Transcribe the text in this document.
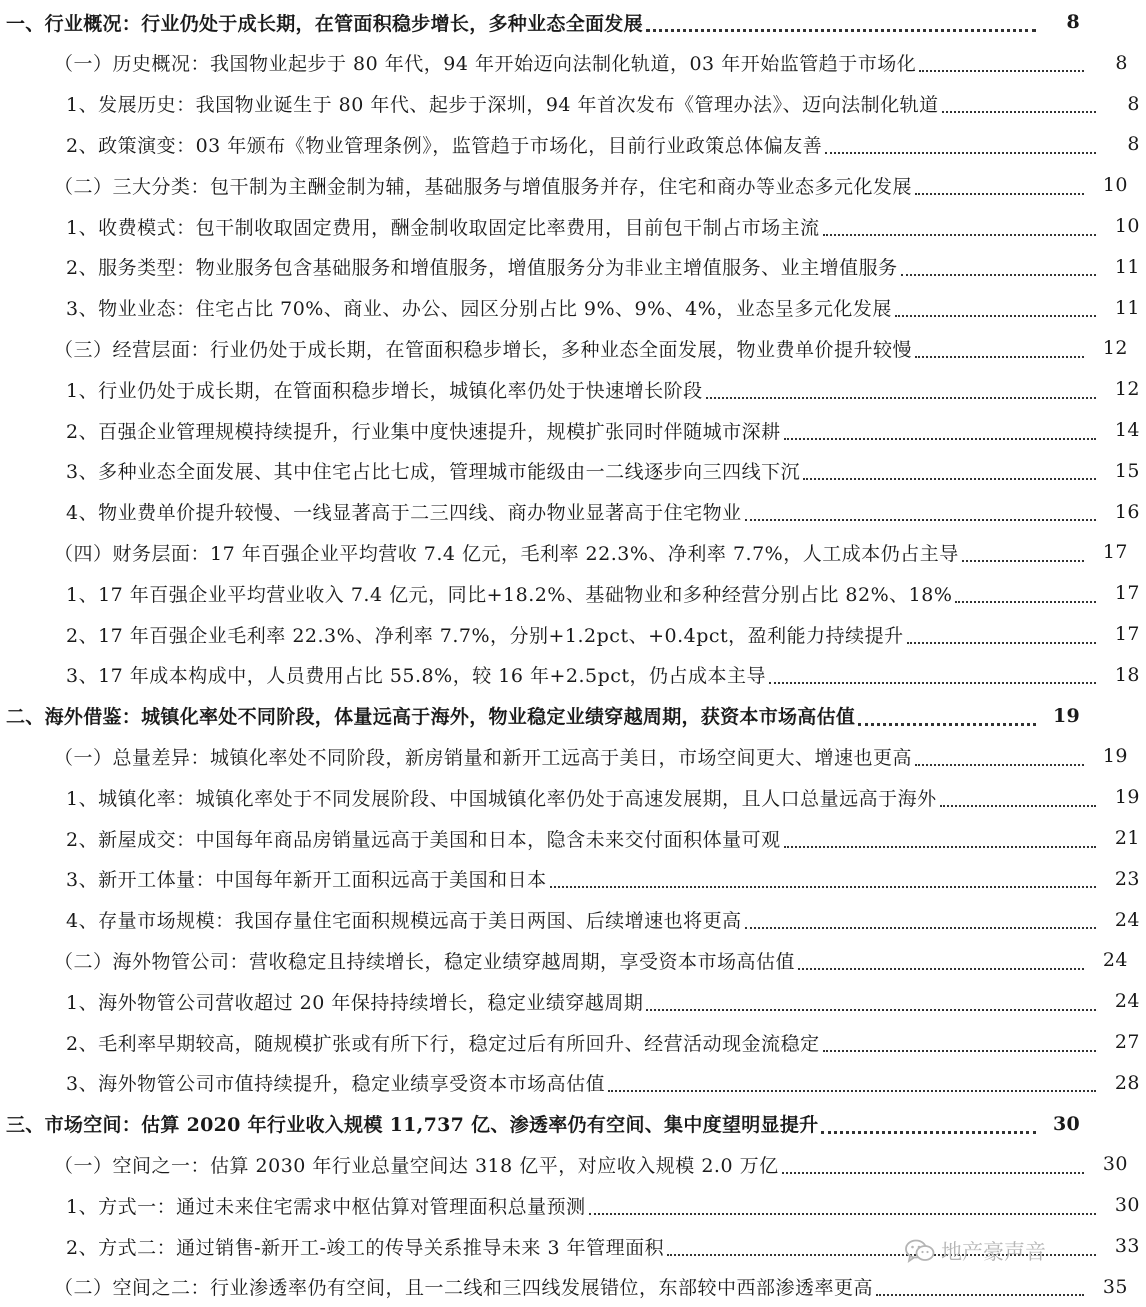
一、行业概况：行业仍处于成长期，在管面积稳步增长，多种业态全面发展	8
（一）历史概况：我国物业起步于 80 年代，94 年开始迈向法制化轨道，03 年开始监管趋于市场化	8
1、发展历史：我国物业诞生于 80 年代、起步于深圳，94 年首次发布《管理办法》、迈向法制化轨道	8
2、政策演变：03 年颁布《物业管理条例》，监管趋于市场化，目前行业政策总体偏友善	8
（二）三大分类：包干制为主酬金制为辅，基础服务与增值服务并存，住宅和商办等业态多元化发展	10
1、收费模式：包干制收取固定费用，酬金制收取固定比率费用，目前包干制占市场主流	10
2、服务类型：物业服务包含基础服务和增值服务，增值服务分为非业主增值服务、业主增值服务	11
3、物业业态：住宅占比 70%、商业、办公、园区分别占比 9%、9%、4%，业态呈多元化发展	11
（三）经营层面：行业仍处于成长期，在管面积稳步增长，多种业态全面发展，物业费单价提升较慢	12
1、行业仍处于成长期，在管面积稳步增长，城镇化率仍处于快速增长阶段	12
2、百强企业管理规模持续提升，行业集中度快速提升，规模扩张同时伴随城市深耕	14
3、多种业态全面发展、其中住宅占比七成，管理城市能级由一二线逐步向三四线下沉	15
4、物业费单价提升较慢、一线显著高于二三四线、商办物业显著高于住宅物业	16
（四）财务层面：17 年百强企业平均营收 7.4 亿元，毛利率 22.3%、净利率 7.7%，人工成本仍占主导	17
1、17 年百强企业平均营业收入 7.4 亿元，同比+18.2%、基础物业和多种经营分别占比 82%、18%	17
2、17 年百强企业毛利率 22.3%、净利率 7.7%，分别+1.2pct、+0.4pct，盈利能力持续提升	17
3、17 年成本构成中，人员费用占比 55.8%，较 16 年+2.5pct，仍占成本主导	18
二、海外借鉴：城镇化率处不同阶段，体量远高于海外，物业稳定业绩穿越周期，获资本市场高估值	19
（一）总量差异：城镇化率处不同阶段，新房销量和新开工远高于美日，市场空间更大、增速也更高	19
1、城镇化率：城镇化率处于不同发展阶段、中国城镇化率仍处于高速发展期，且人口总量远高于海外	19
2、新屋成交：中国每年商品房销量远高于美国和日本，隐含未来交付面积体量可观	21
3、新开工体量：中国每年新开工面积远高于美国和日本	23
4、存量市场规模：我国存量住宅面积规模远高于美日两国、后续增速也将更高	24
（二）海外物管公司：营收稳定且持续增长，稳定业绩穿越周期，享受资本市场高估值	24
1、海外物管公司营收超过 20 年保持持续增长，稳定业绩穿越周期	24
2、毛利率早期较高，随规模扩张或有所下行，稳定过后有所回升、经营活动现金流稳定	27
3、海外物管公司市值持续提升，稳定业绩享受资本市场高估值	28
三、市场空间：估算 2020 年行业收入规模 11,737 亿、渗透率仍有空间、集中度望明显提升	30
（一）空间之一：估算 2030 年行业总量空间达 318 亿平，对应收入规模 2.0 万亿	30
1、方式一：通过未来住宅需求中枢估算对管理面积总量预测	30
2、方式二：通过销售-新开工-竣工的传导关系推导未来 3 年管理面积	33
（二）空间之二：行业渗透率仍有空间，且一二线和三四线发展错位，东部较中西部渗透率更高	35
地产豪声音
